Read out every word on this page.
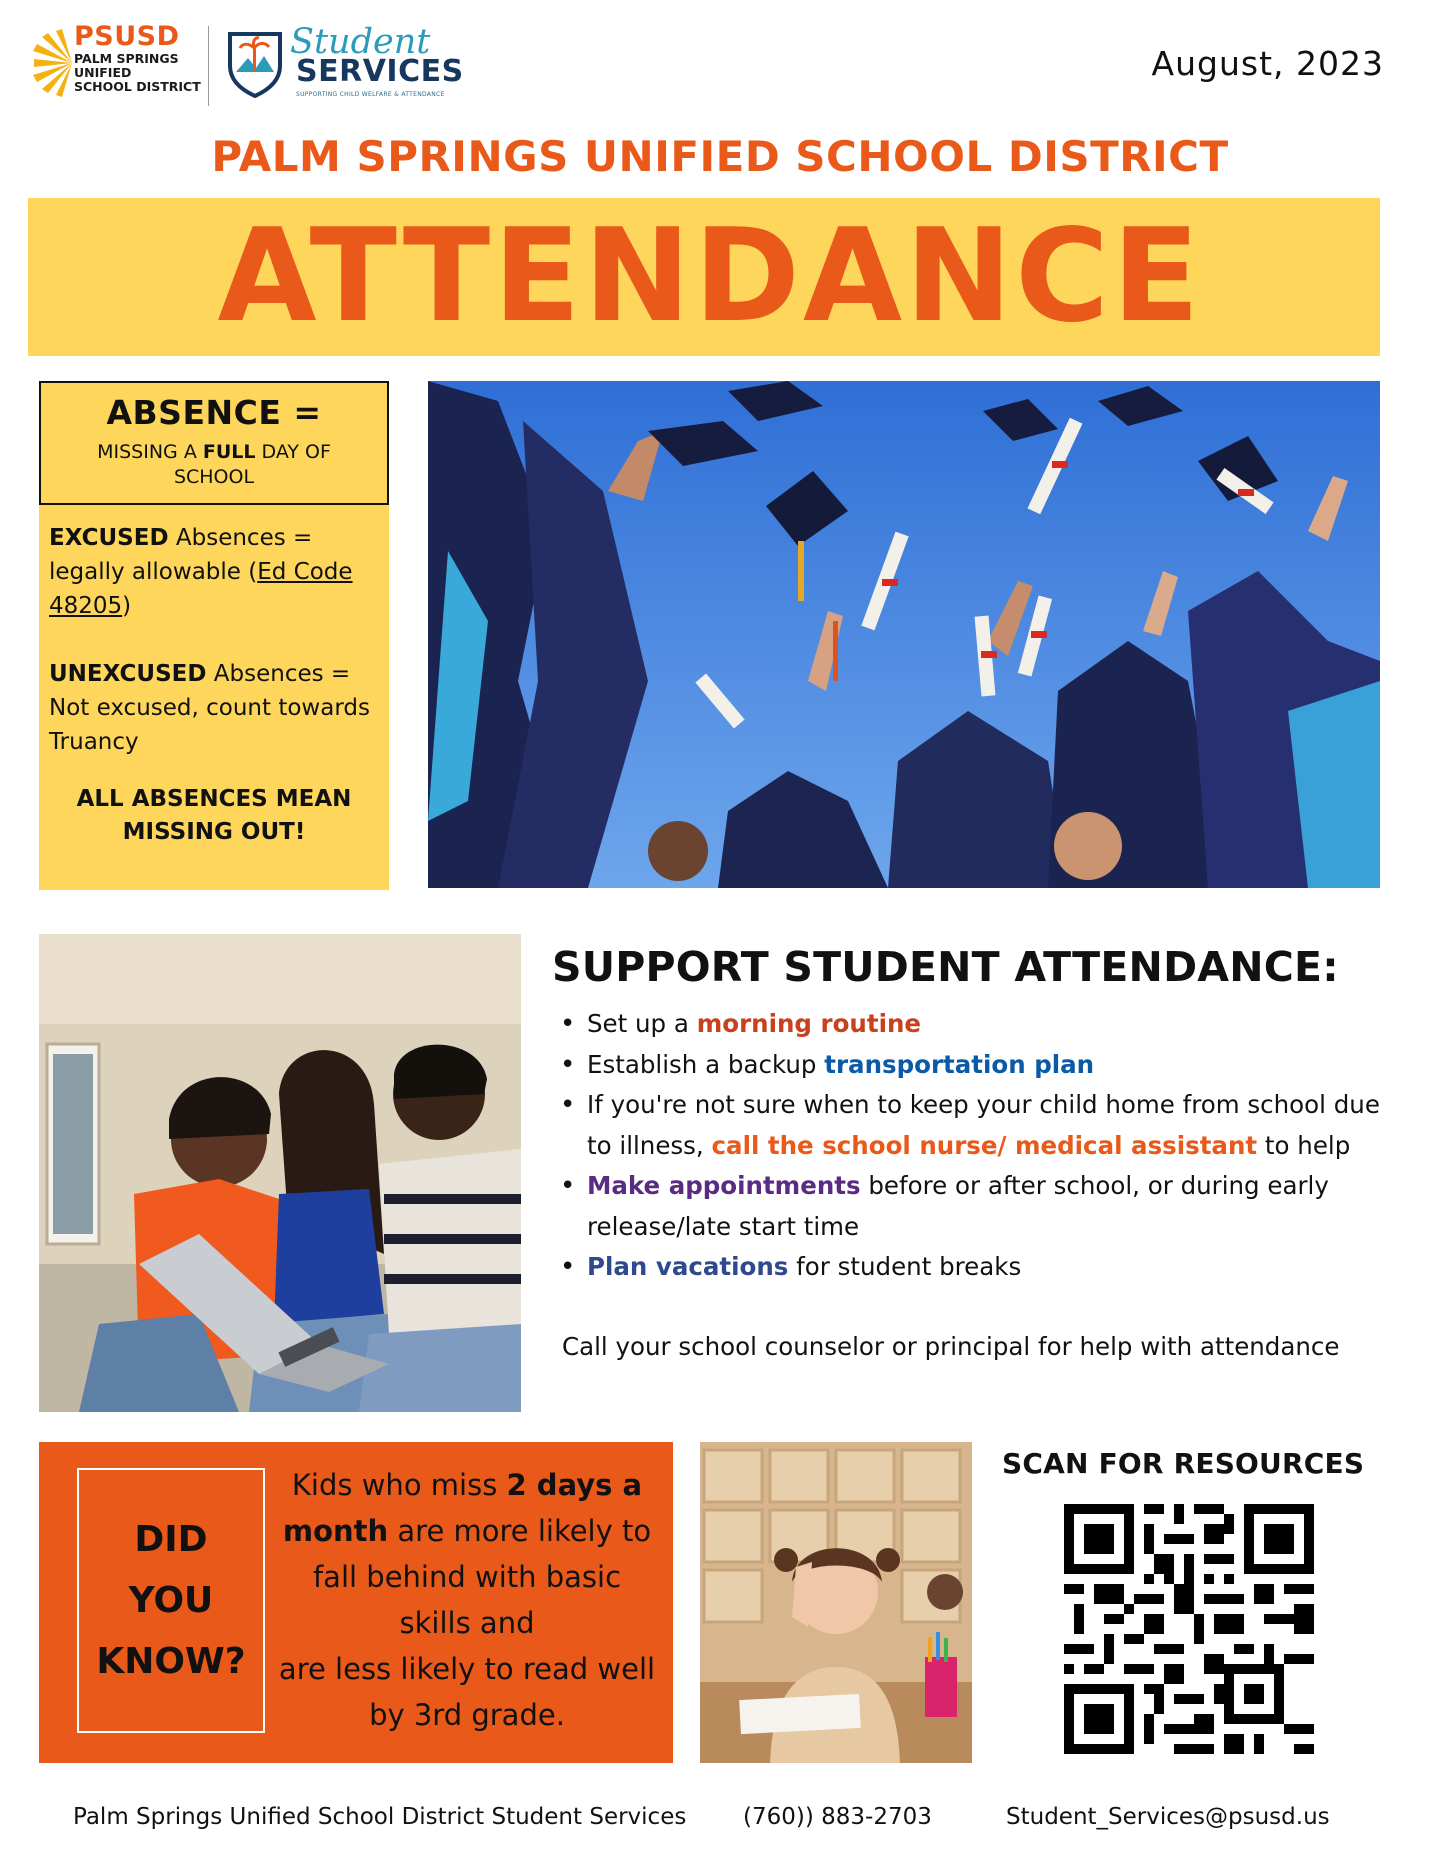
PSUSD
PALM SPRINGS
UNIFIED
SCHOOL DISTRICT
Student
SERVICES
SUPPORTING CHILD WELFARE & ATTENDANCE
August, 2023
PALM SPRINGS UNIFIED SCHOOL DISTRICT
ATTENDANCE
ABSENCE =
MISSING A FULL DAY OF SCHOOL

EXCUSED Absences = legally allowable (Ed Code 48205)

UNEXCUSED Absences = Not excused, count towards Truancy

ALL ABSENCES MEAN
MISSING OUT!
SUPPORT STUDENT ATTENDANCE:
• Set up a morning routine
• Establish a backup transportation plan
• If you're not sure when to keep your child home from school due to illness, call the school nurse/ medical assistant to help
• Make appointments before or after school, or during early release/late start time
• Plan vacations for student breaks
Call your school counselor or principal for help with attendance
DID
YOU
KNOW?
Kids who miss 2 days a month are more likely to fall behind with basic skills and
are less likely to read well by 3rd grade.
SCAN FOR RESOURCES
Palm Springs Unified School District Student Services (760)) 883-2703	Student_Services@psusd.us
